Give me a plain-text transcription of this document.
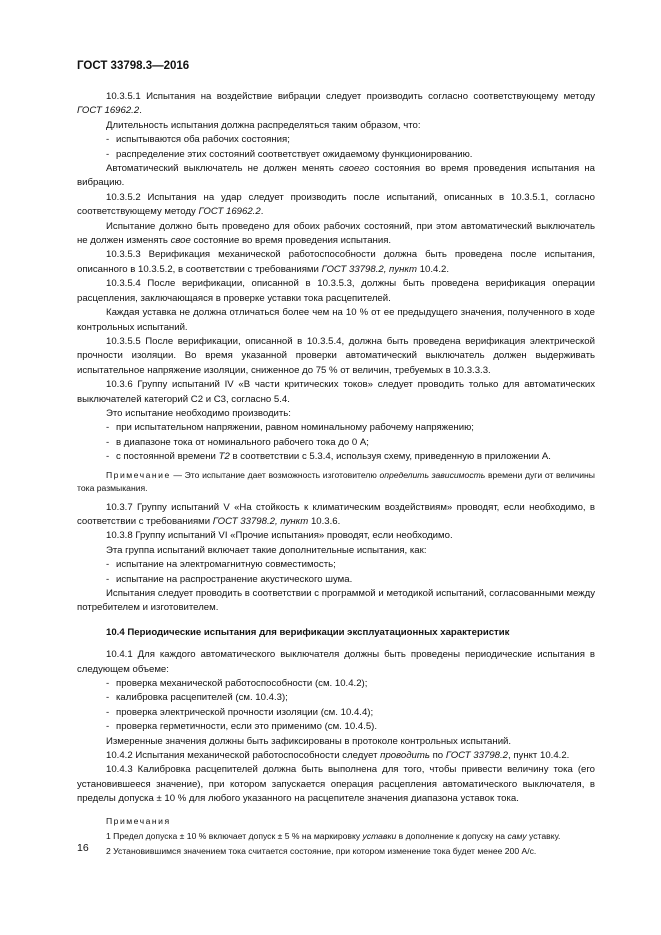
ГОСТ 33798.3—2016
10.3.5.1 Испытания на воздействие вибрации следует производить согласно соответствующему методу ГОСТ 16962.2.
Длительность испытания должна распределяться таким образом, что:
- испытываются оба рабочих состояния;
- распределение этих состояний соответствует ожидаемому функционированию.
Автоматический выключатель не должен менять своего состояния во время проведения испытания на вибрацию.
10.3.5.2 Испытания на удар следует производить после испытаний, описанных в 10.3.5.1, согласно соответствующему методу ГОСТ 16962.2.
Испытание должно быть проведено для обоих рабочих состояний, при этом автоматический выключатель не должен изменять свое состояние во время проведения испытания.
10.3.5.3 Верификация механической работоспособности должна быть проведена после испытания, описанного в 10.3.5.2, в соответствии с требованиями ГОСТ 33798.2, пункт 10.4.2.
10.3.5.4 После верификации, описанной в 10.3.5.3, должны быть проведена верификация операции расцепления, заключающаяся в проверке уставки тока расцепителей.
Каждая уставка не должна отличаться более чем на 10 % от ее предыдущего значения, полученного в ходе контрольных испытаний.
10.3.5.5 После верификации, описанной в 10.3.5.4, должна быть проведена верификация электрической прочности изоляции. Во время указанной проверки автоматический выключатель должен выдерживать испытательное напряжение изоляции, сниженное до 75 % от величин, требуемых в 10.3.3.3.
10.3.6 Группу испытаний IV «В части критических токов» следует проводить только для автоматических выключателей категорий С2 и С3, согласно 5.4.
Это испытание необходимо производить:
- при испытательном напряжении, равном номинальному рабочему напряжению;
- в диапазоне тока от номинального рабочего тока до 0 А;
- с постоянной времени T2 в соответствии с 5.3.4, используя схему, приведенную в приложении А.
Примечание — Это испытание дает возможность изготовителю определить зависимость времени дуги от величины тока размыкания.
10.3.7 Группу испытаний V «На стойкость к климатическим воздействиям» проводят, если необходимо, в соответствии с требованиями ГОСТ 33798.2, пункт 10.3.6.
10.3.8 Группу испытаний VI «Прочие испытания» проводят, если необходимо.
Эта группа испытаний включает такие дополнительные испытания, как:
- испытание на электромагнитную совместимость;
- испытание на распространение акустического шума.
Испытания следует проводить в соответствии с программой и методикой испытаний, согласованными между потребителем и изготовителем.
10.4 Периодические испытания для верификации эксплуатационных характеристик
10.4.1 Для каждого автоматического выключателя должны быть проведены периодические испытания в следующем объеме:
- проверка механической работоспособности (см. 10.4.2);
- калибровка расцепителей (см. 10.4.3);
- проверка электрической прочности изоляции (см. 10.4.4);
- проверка герметичности, если это применимо (см. 10.4.5).
Измеренные значения должны быть зафиксированы в протоколе контрольных испытаний.
10.4.2 Испытания механической работоспособности следует проводить по ГОСТ 33798.2, пункт 10.4.2.
10.4.3 Калибровка расцепителей должна быть выполнена для того, чтобы привести величину тока (его установившееся значение), при котором запускается операция расцепления автоматического выключателя, в пределы допуска ± 10 % для любого указанного на расцепителе значения диапазона уставок тока.
Примечания
1 Предел допуска ± 10 % включает допуск ± 5 % на маркировку уставки в дополнение к допуску на саму уставку.
2 Установившимся значением тока считается состояние, при котором изменение тока будет менее 200 А/с.
16
